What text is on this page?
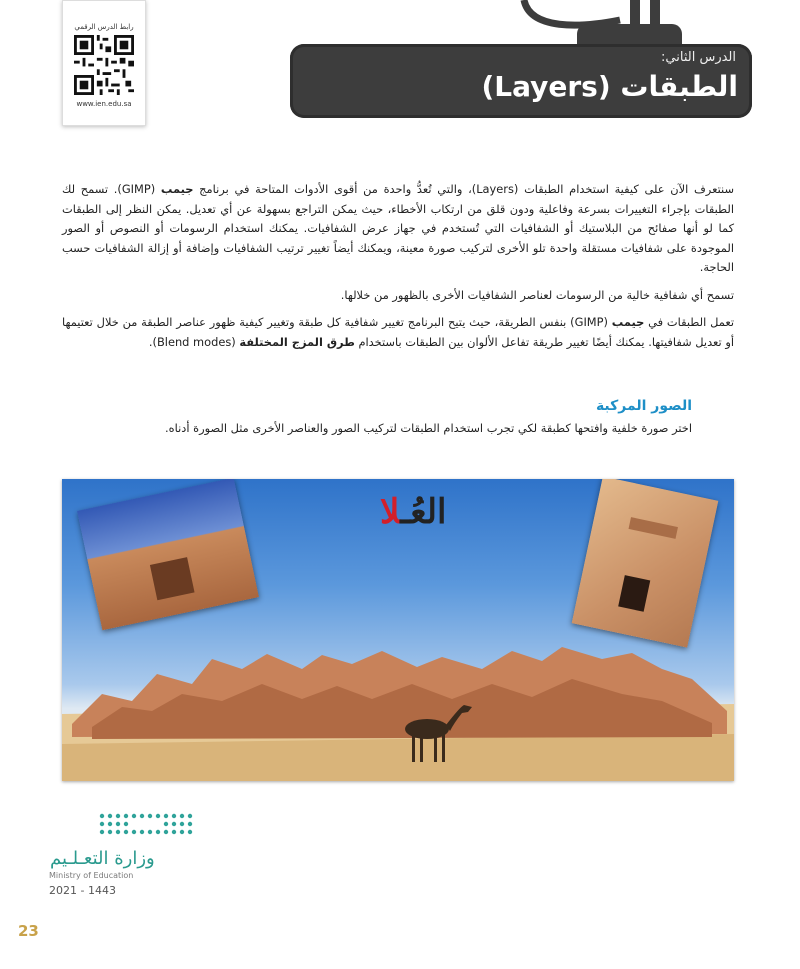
رابط الدرس الرقمي
www.ien.edu.sa
الدرس الثاني:
الطبقات (Layers)
سنتعرف الآن على كيفية استخدام الطبقات (Layers)، والتي تُعدُّ واحدة من أقوى الأدوات المتاحة في برنامج جيمب (GIMP). تسمح لك الطبقات بإجراء التغييرات بسرعة وفاعلية ودون قلق من ارتكاب الأخطاء، حيث يمكن التراجع بسهولة عن أي تعديل. يمكن النظر إلى الطبقات كما لو أنها صفائح من البلاستيك أو الشفافيات التي تُستخدم في جهاز عرض الشفافيات. يمكنك استخدام الرسومات أو النصوص أو الصور الموجودة على شفافيات مستقلة واحدة تلو الأخرى لتركيب صورة معينة، ويمكنك أيضاً تغيير ترتيب الشفافيات وإضافة أو إزالة الشفافيات حسب الحاجة.
تسمح أي شفافية خالية من الرسومات لعناصر الشفافيات الأخرى بالظهور من خلالها.
تعمل الطبقات في جيمب (GIMP) بنفس الطريقة، حيث يتيح البرنامج تغيير شفافية كل طبقة وتغيير كيفية ظهور عناصر الطبقة من خلال تعتيمها أو تعديل شفافيتها. يمكنك أيضًا تغيير طريقة تفاعل الألوان بين الطبقات باستخدام طرق المزج المختلفة (Blend modes).
الصور المركبة
اختر صورة خلفية وافتحها كطبقة لكي تجرب استخدام الطبقات لتركيب الصور والعناصر الأخرى مثل الصورة أدناه.
العُـلا
وزارة التعـلـيم
Ministry of Education
2021 - 1443
23
